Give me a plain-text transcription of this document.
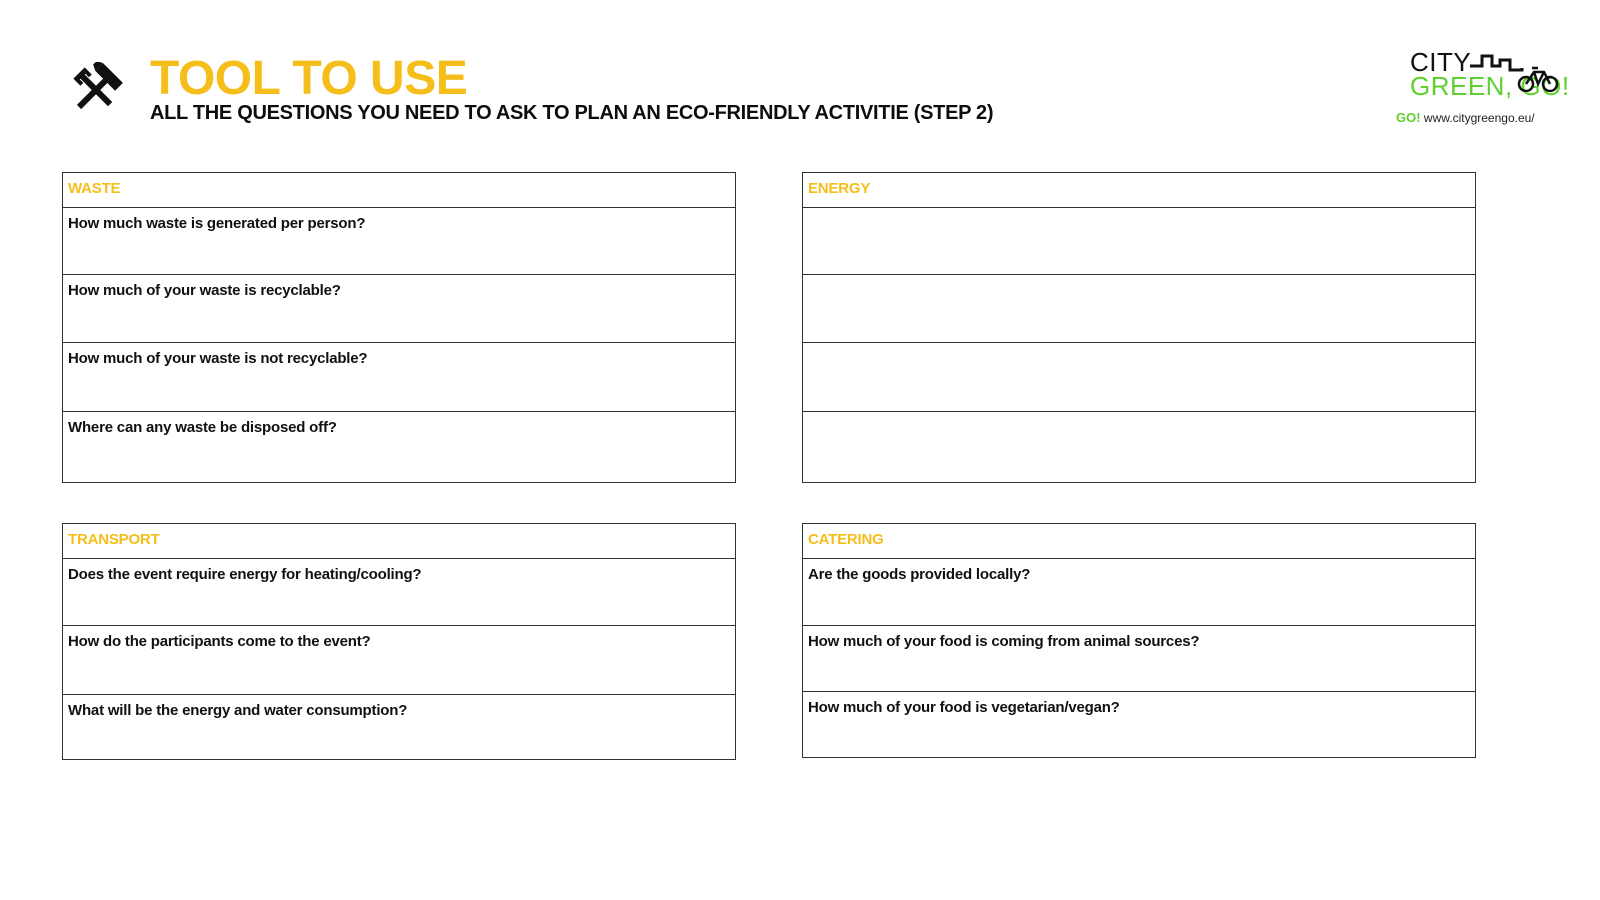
TOOL TO USE
ALL THE QUESTIONS YOU NEED TO ASK TO PLAN AN ECO-FRIENDLY ACTIVITIE (STEP 2)
CITY
GREEN, GO!
GO! www.citygreengo.eu/
WASTE
How much waste is generated per person?
How much of your waste is recyclable?
How much of your waste is not recyclable?
Where can any waste be disposed off?
ENERGY
TRANSPORT
Does the event require energy for heating/cooling?
How do the participants come to the event?
What will be the energy and water consumption?
CATERING
Are the goods provided locally?
How much of your food is coming from animal sources?
How much of your food is vegetarian/vegan?
